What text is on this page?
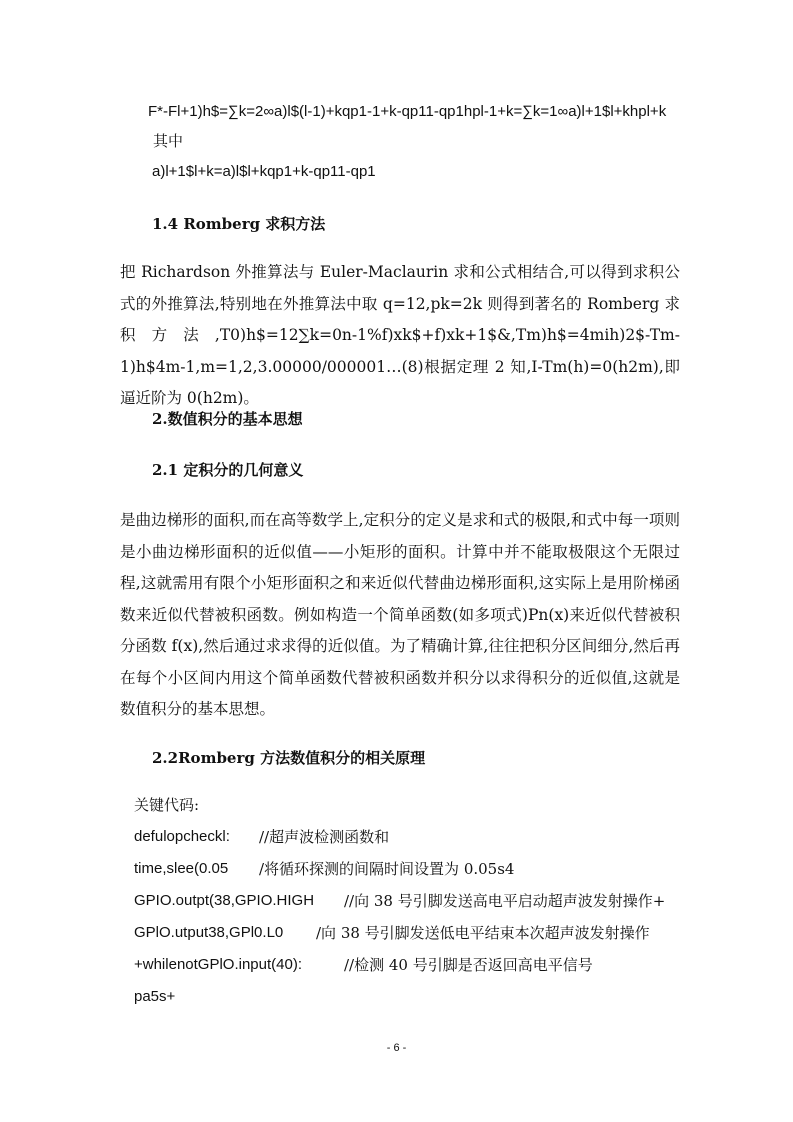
F*-Fl+1)h$=∑k=2∞a)l$(l-1)+kqp1-1+k-qp11-qp1hpl-1+k=∑k=1∞a)l+1$l+khpl+k
其中
a)l+1$l+k=a)l$l+kqp1+k-qp11-qp1
1.4 Romberg 求积方法
把 Richardson 外推算法与 Euler-Maclaurin 求和公式相结合,可以得到求积公式的外推算法,特别地在外推算法中取 q=12,pk=2k 则得到著名的 Romberg 求积方法,T0)h$=12∑k=0n-1%f)xk$+f)xk+1$&,Tm)h$=4mih)2$-Tm-1)h$4m-1,m=1,2,3.00000/000001…(8)根据定理 2 知,I-Tm(h)=0(h2m),即逼近阶为 0(h2m)。
2.数值积分的基本思想
2.1 定积分的几何意义
是曲边梯形的面积,而在高等数学上,定积分的定义是求和式的极限,和式中每一项则是小曲边梯形面积的近似值——小矩形的面积。计算中并不能取极限这个无限过程,这就需用有限个小矩形面积之和来近似代替曲边梯形面积,这实际上是用阶梯函数来近似代替被积函数。例如构造一个简单函数(如多项式)Pn(x)来近似代替被积分函数 f(x),然后通过求求得的近似值。为了精确计算,往往把积分区间细分,然后再在每个小区间内用这个简单函数代替被积函数并积分以求得积分的近似值,这就是数值积分的基本思想。
2.2Romberg 方法数值积分的相关原理
关键代码:
defulopcheckl:	//超声波检测函数和
time,slee(0.05	/将循环探测的间隔时间设置为 0.05s4
GPIO.outpt(38,GPIO.HIGH	//向 38 号引脚发送高电平启动超声波发射操作+
GPlO.utput38,GPl0.L0	/向 38 号引脚发送低电平结束本次超声波发射操作
+whilenotGPlO.input(40):	//检测 40 号引脚是否返回高电平信号
pa5s+
- 6 -
